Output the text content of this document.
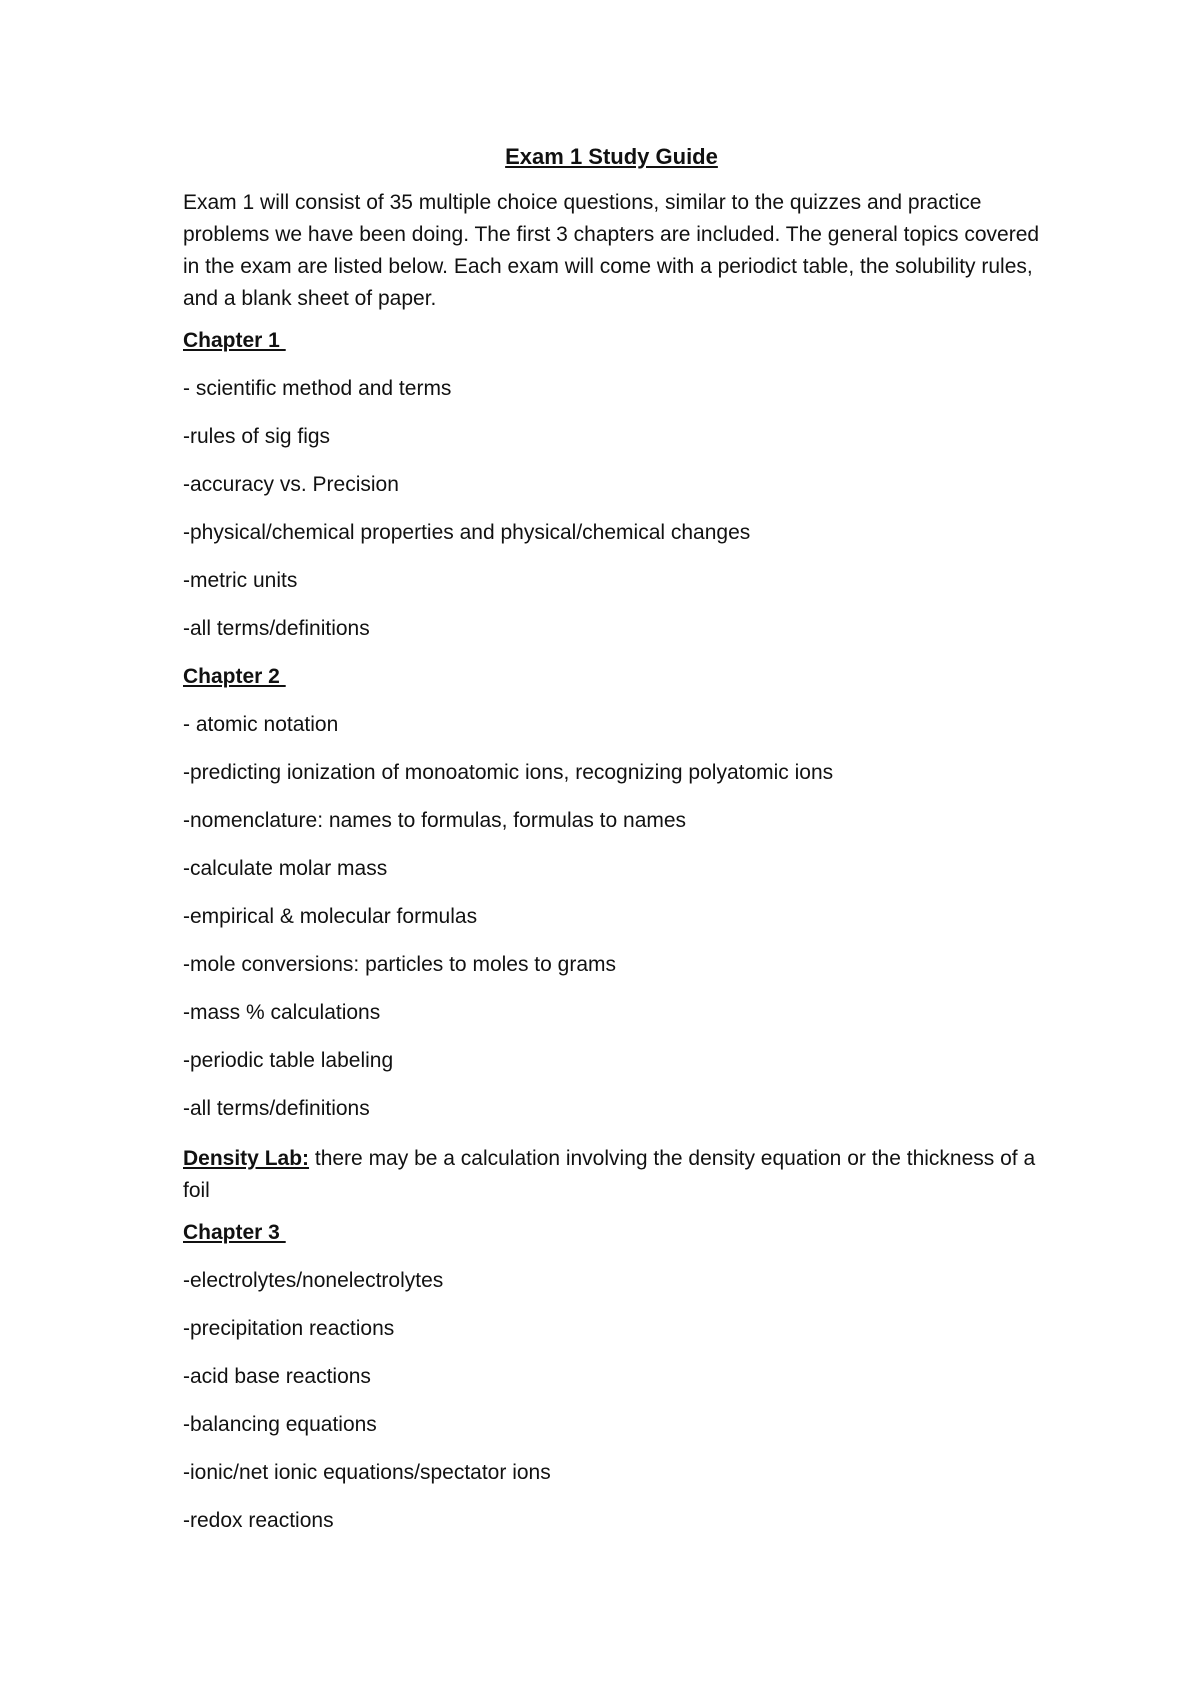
Exam 1 Study Guide
Exam 1 will consist of 35 multiple choice questions, similar to the quizzes and practice problems we have been doing. The first 3 chapters are included. The general topics covered in the exam are listed below. Each exam will come with a periodict table, the solubility rules, and a blank sheet of paper.
Chapter 1
- scientific method and terms
-rules of sig figs
-accuracy vs. Precision
-physical/chemical properties and physical/chemical changes
-metric units
-all terms/definitions
Chapter 2
- atomic notation
-predicting ionization of monoatomic ions, recognizing polyatomic ions
-nomenclature: names to formulas, formulas to names
-calculate molar mass
-empirical & molecular formulas
-mole conversions: particles to moles to grams
-mass % calculations
-periodic table labeling
-all terms/definitions
Density Lab: there may be a calculation involving the density equation or the thickness of a foil
Chapter 3
-electrolytes/nonelectrolytes
-precipitation reactions
-acid base reactions
-balancing equations
-ionic/net ionic equations/spectator ions
-redox reactions
